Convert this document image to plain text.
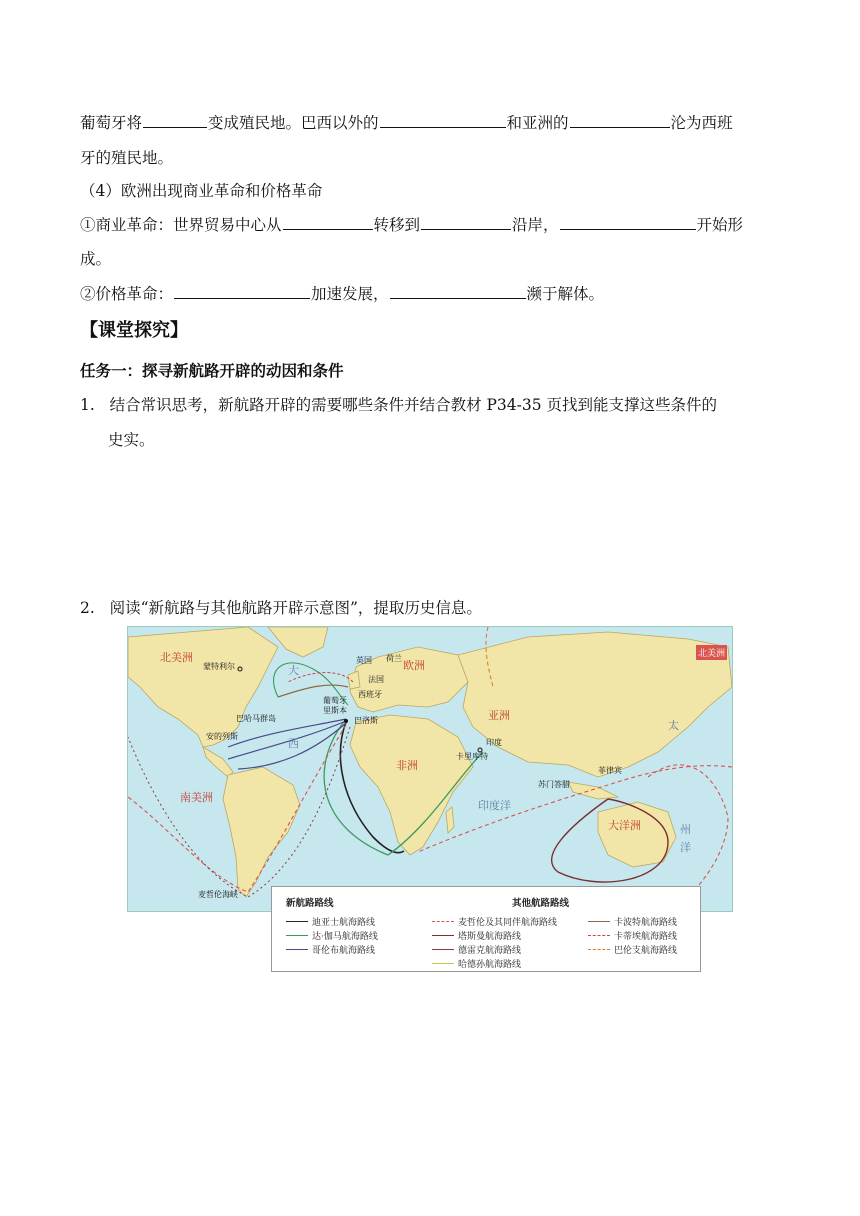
葡萄牙将	变成殖民地。巴西以外的	和亚洲的	沦为西班
牙的殖民地。
（4）欧洲出现商业革命和价格革命
①商业革命：世界贸易中心从	转移到	沿岸，	开始形
成。
②价格革命：	加速发展，	濒于解体。
【课堂探究】
任务一：探寻新航路开辟的动因和条件
1. 结合常识思考，新航路开辟的需要哪些条件并结合教材 P34-35 页找到能支撑这些条件的
史实。
2. 阅读“新航路与其他航路开辟示意图”，提取历史信息。
北美洲
蒙特利尔	大
西
英国 荷兰
法国
葡萄牙
里斯本
西班牙
巴洛斯
巴哈马群岛
安的列斯
欧洲
亚洲
印度
卡里库特
非洲
印度洋
苏门答腊
菲律宾
大洋洲
南美洲
麦哲伦海峡
太
洋
州
北美洲
新航路路线
迪亚士航海路线
达·伽马航海路线
哥伦布航海路线
其他航路路线
麦哲伦及其同伴航海路线
塔斯曼航海路线
德雷克航海路线
哈德孙航海路线
卡波特航海路线
卡蒂埃航海路线
巴伦支航海路线
